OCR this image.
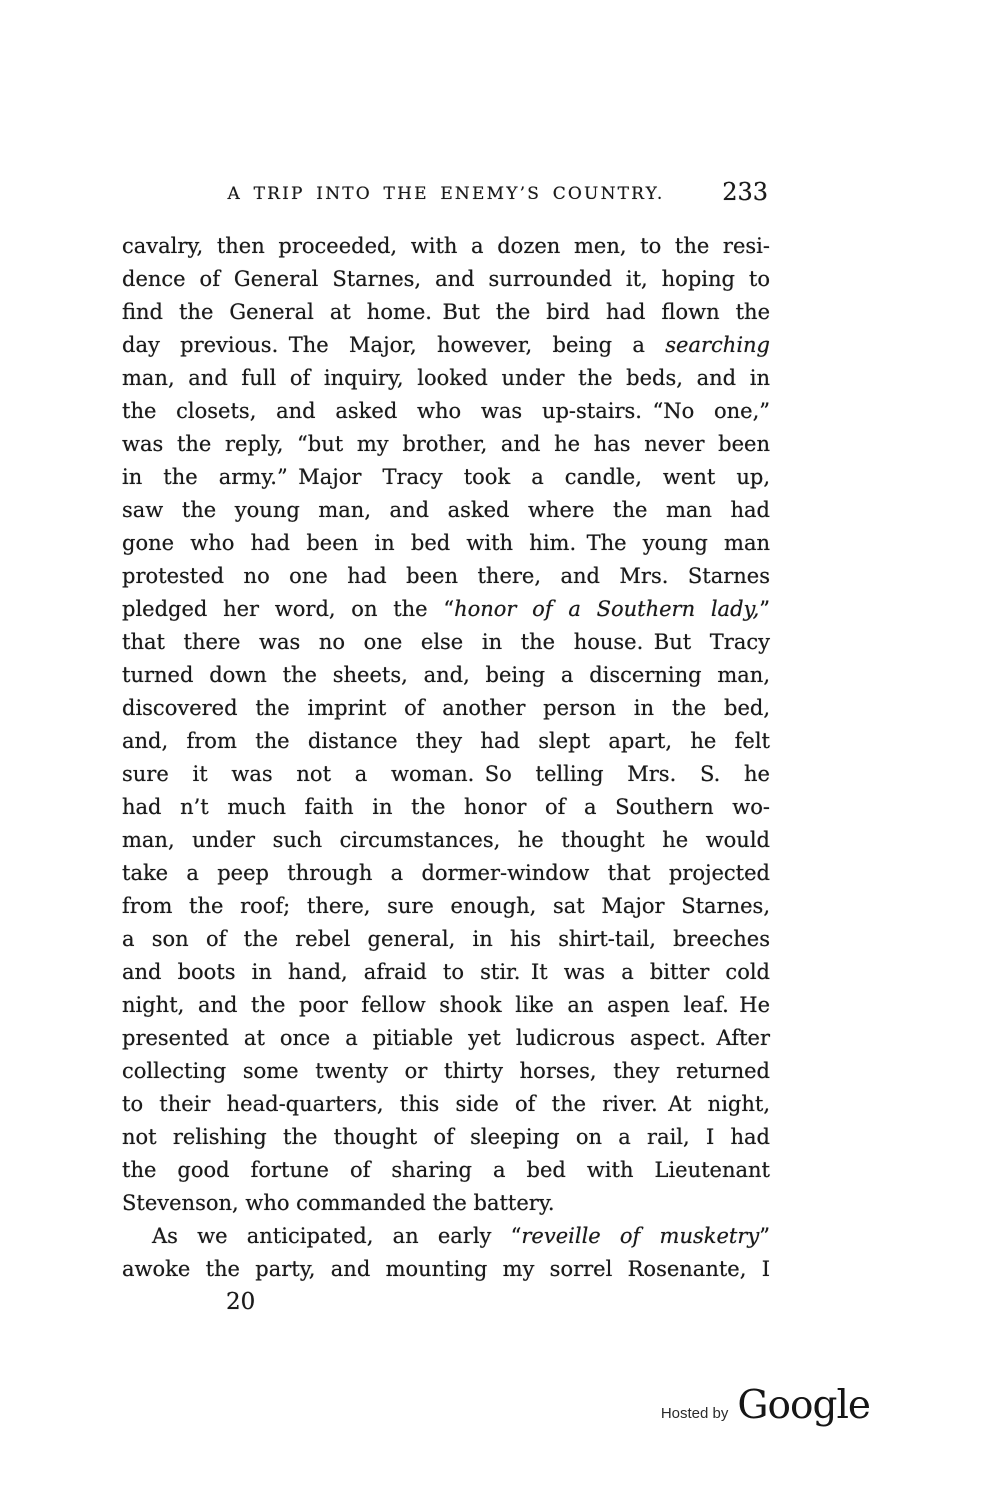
A TRIP INTO THE ENEMY’S COUNTRY.	233
cavalry, then proceeded, with a dozen men, to the resi-
dence of General Starnes, and surrounded it, hoping to
find the General at home. But the bird had flown the
day previous. The Major, however, being a searching
man, and full of inquiry, looked under the beds, and in
the closets, and asked who was up-stairs. “No one,”
was the reply, “but my brother, and he has never been
in the army.” Major Tracy took a candle, went up,
saw the young man, and asked where the man had
gone who had been in bed with him. The young man
protested no one had been there, and Mrs. Starnes
pledged her word, on the “honor of a Southern lady,”
that there was no one else in the house. But Tracy
turned down the sheets, and, being a discerning man,
discovered the imprint of another person in the bed,
and, from the distance they had slept apart, he felt
sure it was not a woman. So telling Mrs. S. he
had n’t much faith in the honor of a Southern wo-
man, under such circumstances, he thought he would
take a peep through a dormer-window that projected
from the roof; there, sure enough, sat Major Starnes,
a son of the rebel general, in his shirt-tail, breeches
and boots in hand, afraid to stir. It was a bitter cold
night, and the poor fellow shook like an aspen leaf. He
presented at once a pitiable yet ludicrous aspect. After
collecting some twenty or thirty horses, they returned
to their head-quarters, this side of the river. At night,
not relishing the thought of sleeping on a rail, I had
the good fortune of sharing a bed with Lieutenant
Stevenson, who commanded the battery.
As we anticipated, an early “reveille of musketry”
awoke the party, and mounting my sorrel Rosenante, I
20
Hosted by Google
